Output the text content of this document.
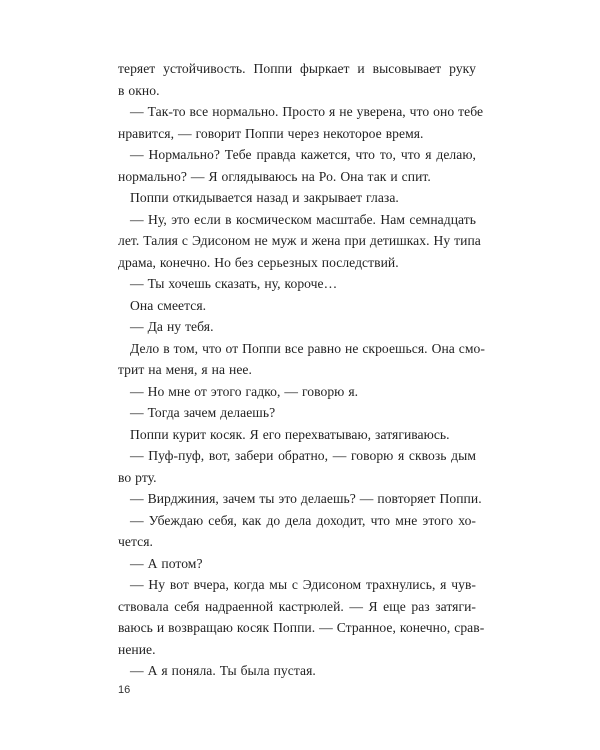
теряет устойчивость. Поппи фыркает и высовывает руку
в окно.
— Так-то все нормально. Просто я не уверена, что оно тебе
нравится, — говорит Поппи через некоторое время.
— Нормально? Тебе правда кажется, что то, что я делаю,
нормально? — Я оглядываюсь на Ро. Она так и спит.
Поппи откидывается назад и закрывает глаза.
— Ну, это если в космическом масштабе. Нам семнадцать
лет. Талия с Эдисоном не муж и жена при детишках. Ну типа
драма, конечно. Но без серьезных последствий.
— Ты хочешь сказать, ну, короче…
Она смеется.
— Да ну тебя.
Дело в том, что от Поппи все равно не скроешься. Она смо-
трит на меня, я на нее.
— Но мне от этого гадко, — говорю я.
— Тогда зачем делаешь?
Поппи курит косяк. Я его перехватываю, затягиваюсь.
— Пуф-пуф, вот, забери обратно, — говорю я сквозь дым
во рту.
— Вирджиния, зачем ты это делаешь? — повторяет Поппи.
— Убеждаю себя, как до дела доходит, что мне этого хо-
чется.
— А потом?
— Ну вот вчера, когда мы с Эдисоном трахнулись, я чув-
ствовала себя надраенной кастрюлей. — Я еще раз затяги-
ваюсь и возвращаю косяк Поппи. — Странное, конечно, срав-
нение.
— А я поняла. Ты была пустая.
16
